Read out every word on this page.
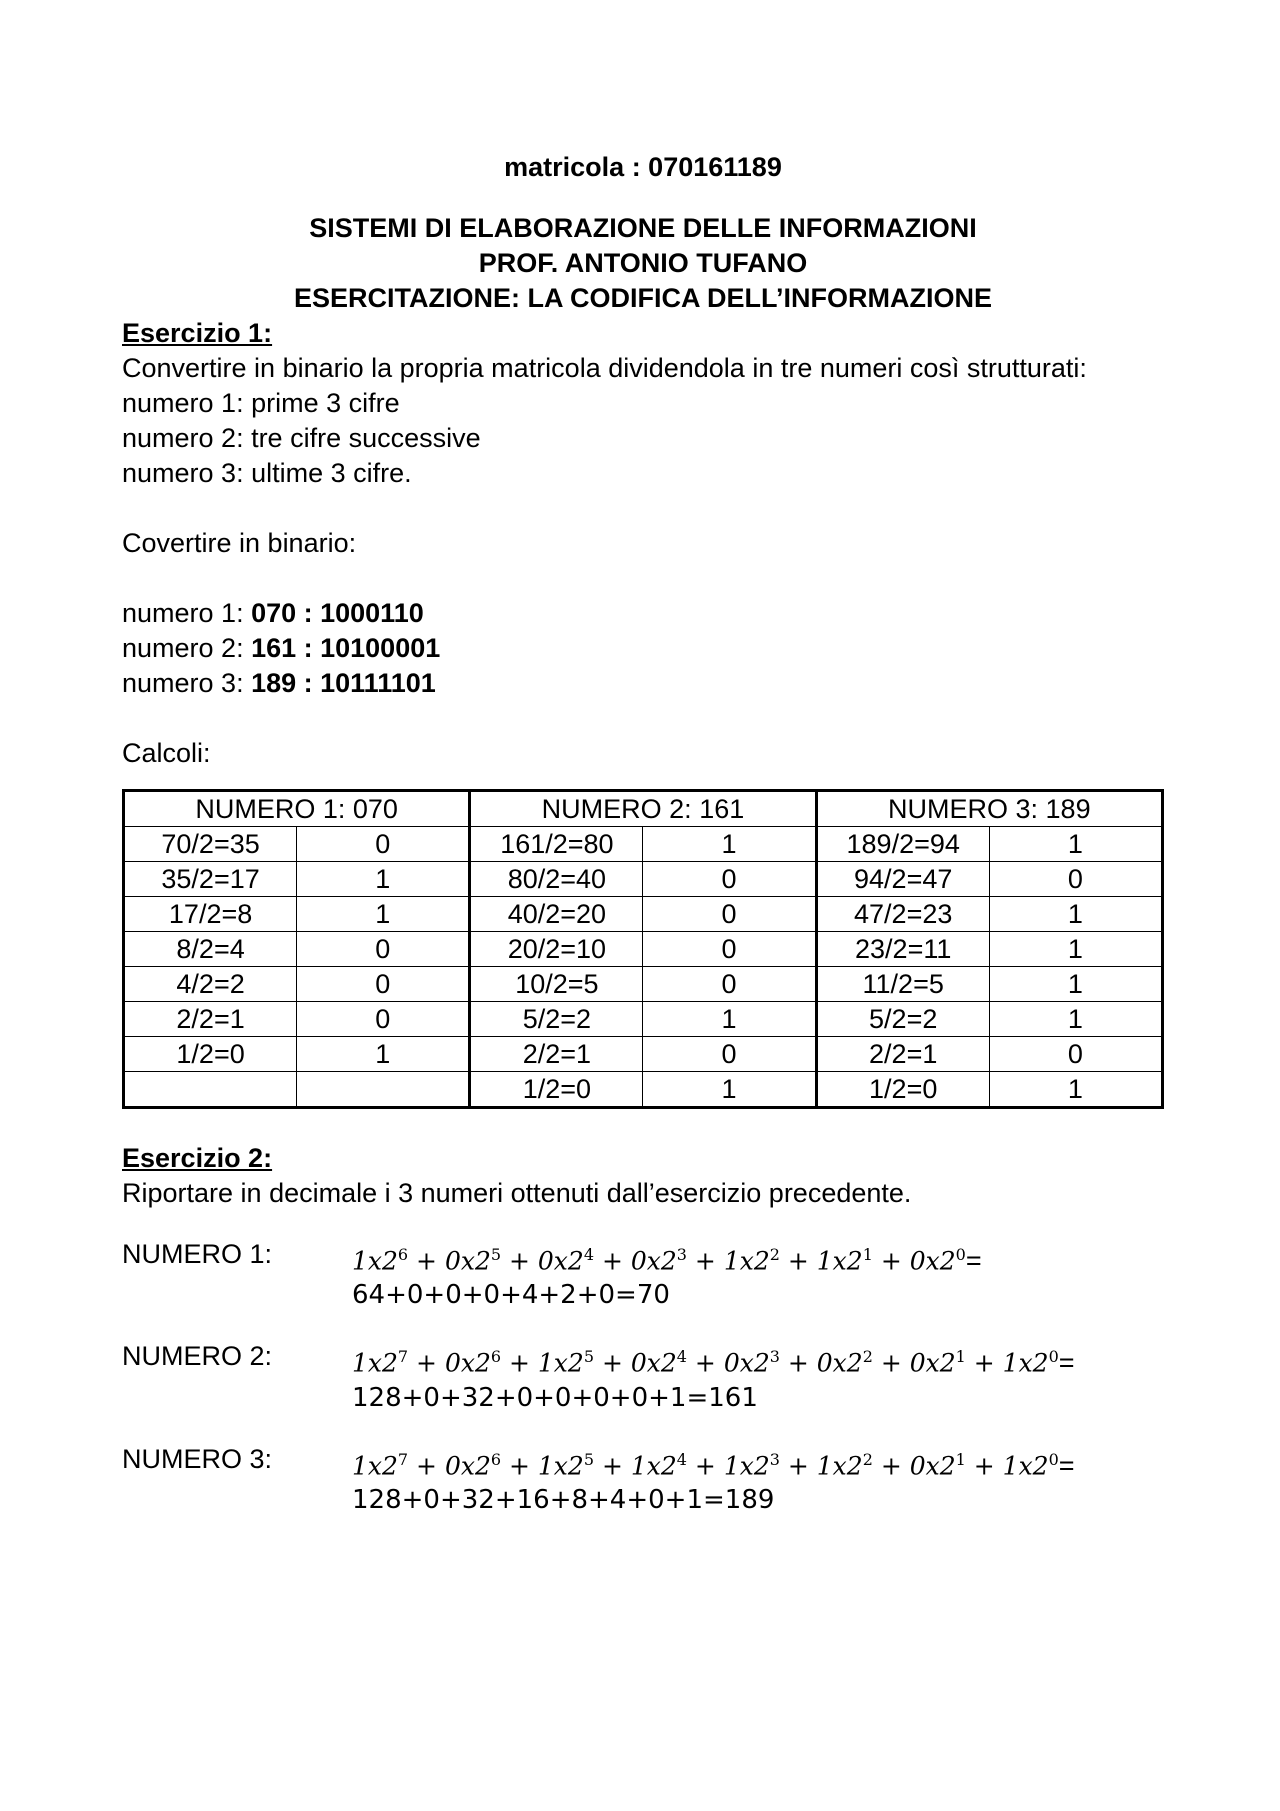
matricola : 070161189
SISTEMI DI ELABORAZIONE DELLE INFORMAZIONI
PROF. ANTONIO TUFANO
ESERCITAZIONE: LA CODIFICA DELL’INFORMAZIONE
Esercizio 1:
Convertire in binario la propria matricola dividendola in tre numeri così strutturati:
numero 1: prime 3 cifre
numero 2: tre cifre successive
numero 3: ultime 3 cifre.
Covertire in binario:
numero 1: 070 : 1000110
numero 2: 161 : 10100001
numero 3: 189 : 10111101
Calcoli:
NUMERO 1: 070		NUMERO 2: 161		NUMERO 3: 189	
70/2=35	0	161/2=80	1	189/2=94	1
35/2=17	1	80/2=40	0	94/2=47	0
17/2=8	1	40/2=20	0	47/2=23	1
8/2=4	0	20/2=10	0	23/2=11	1
4/2=2	0	10/2=5	0	11/2=5	1
2/2=1	0	5/2=2	1	5/2=2	1
1/2=0	1	2/2=1	0	2/2=1	0
		1/2=0	1	1/2=0	1
Esercizio 2:
Riportare in decimale i 3 numeri ottenuti dall’esercizio precedente.
NUMERO 1:	$1x2^6 + 0x2^5 + 0x2^4 + 0x2^3 + 1x2^2 + 1x2^1 + 0x2^0=$
64+0+0+0+4+2+0=70
NUMERO 2:	$1x2^7 + 0x2^6 + 1x2^5 + 0x2^4 + 0x2^3 + 0x2^2 + 0x2^1 + 1x2^0=$
128+0+32+0+0+0+0+1=161
NUMERO 3:	$1x2^7 + 0x2^6 + 1x2^5 + 1x2^4 + 1x2^3 + 1x2^2 + 0x2^1 + 1x2^0=$
128+0+32+16+8+4+0+1=189
